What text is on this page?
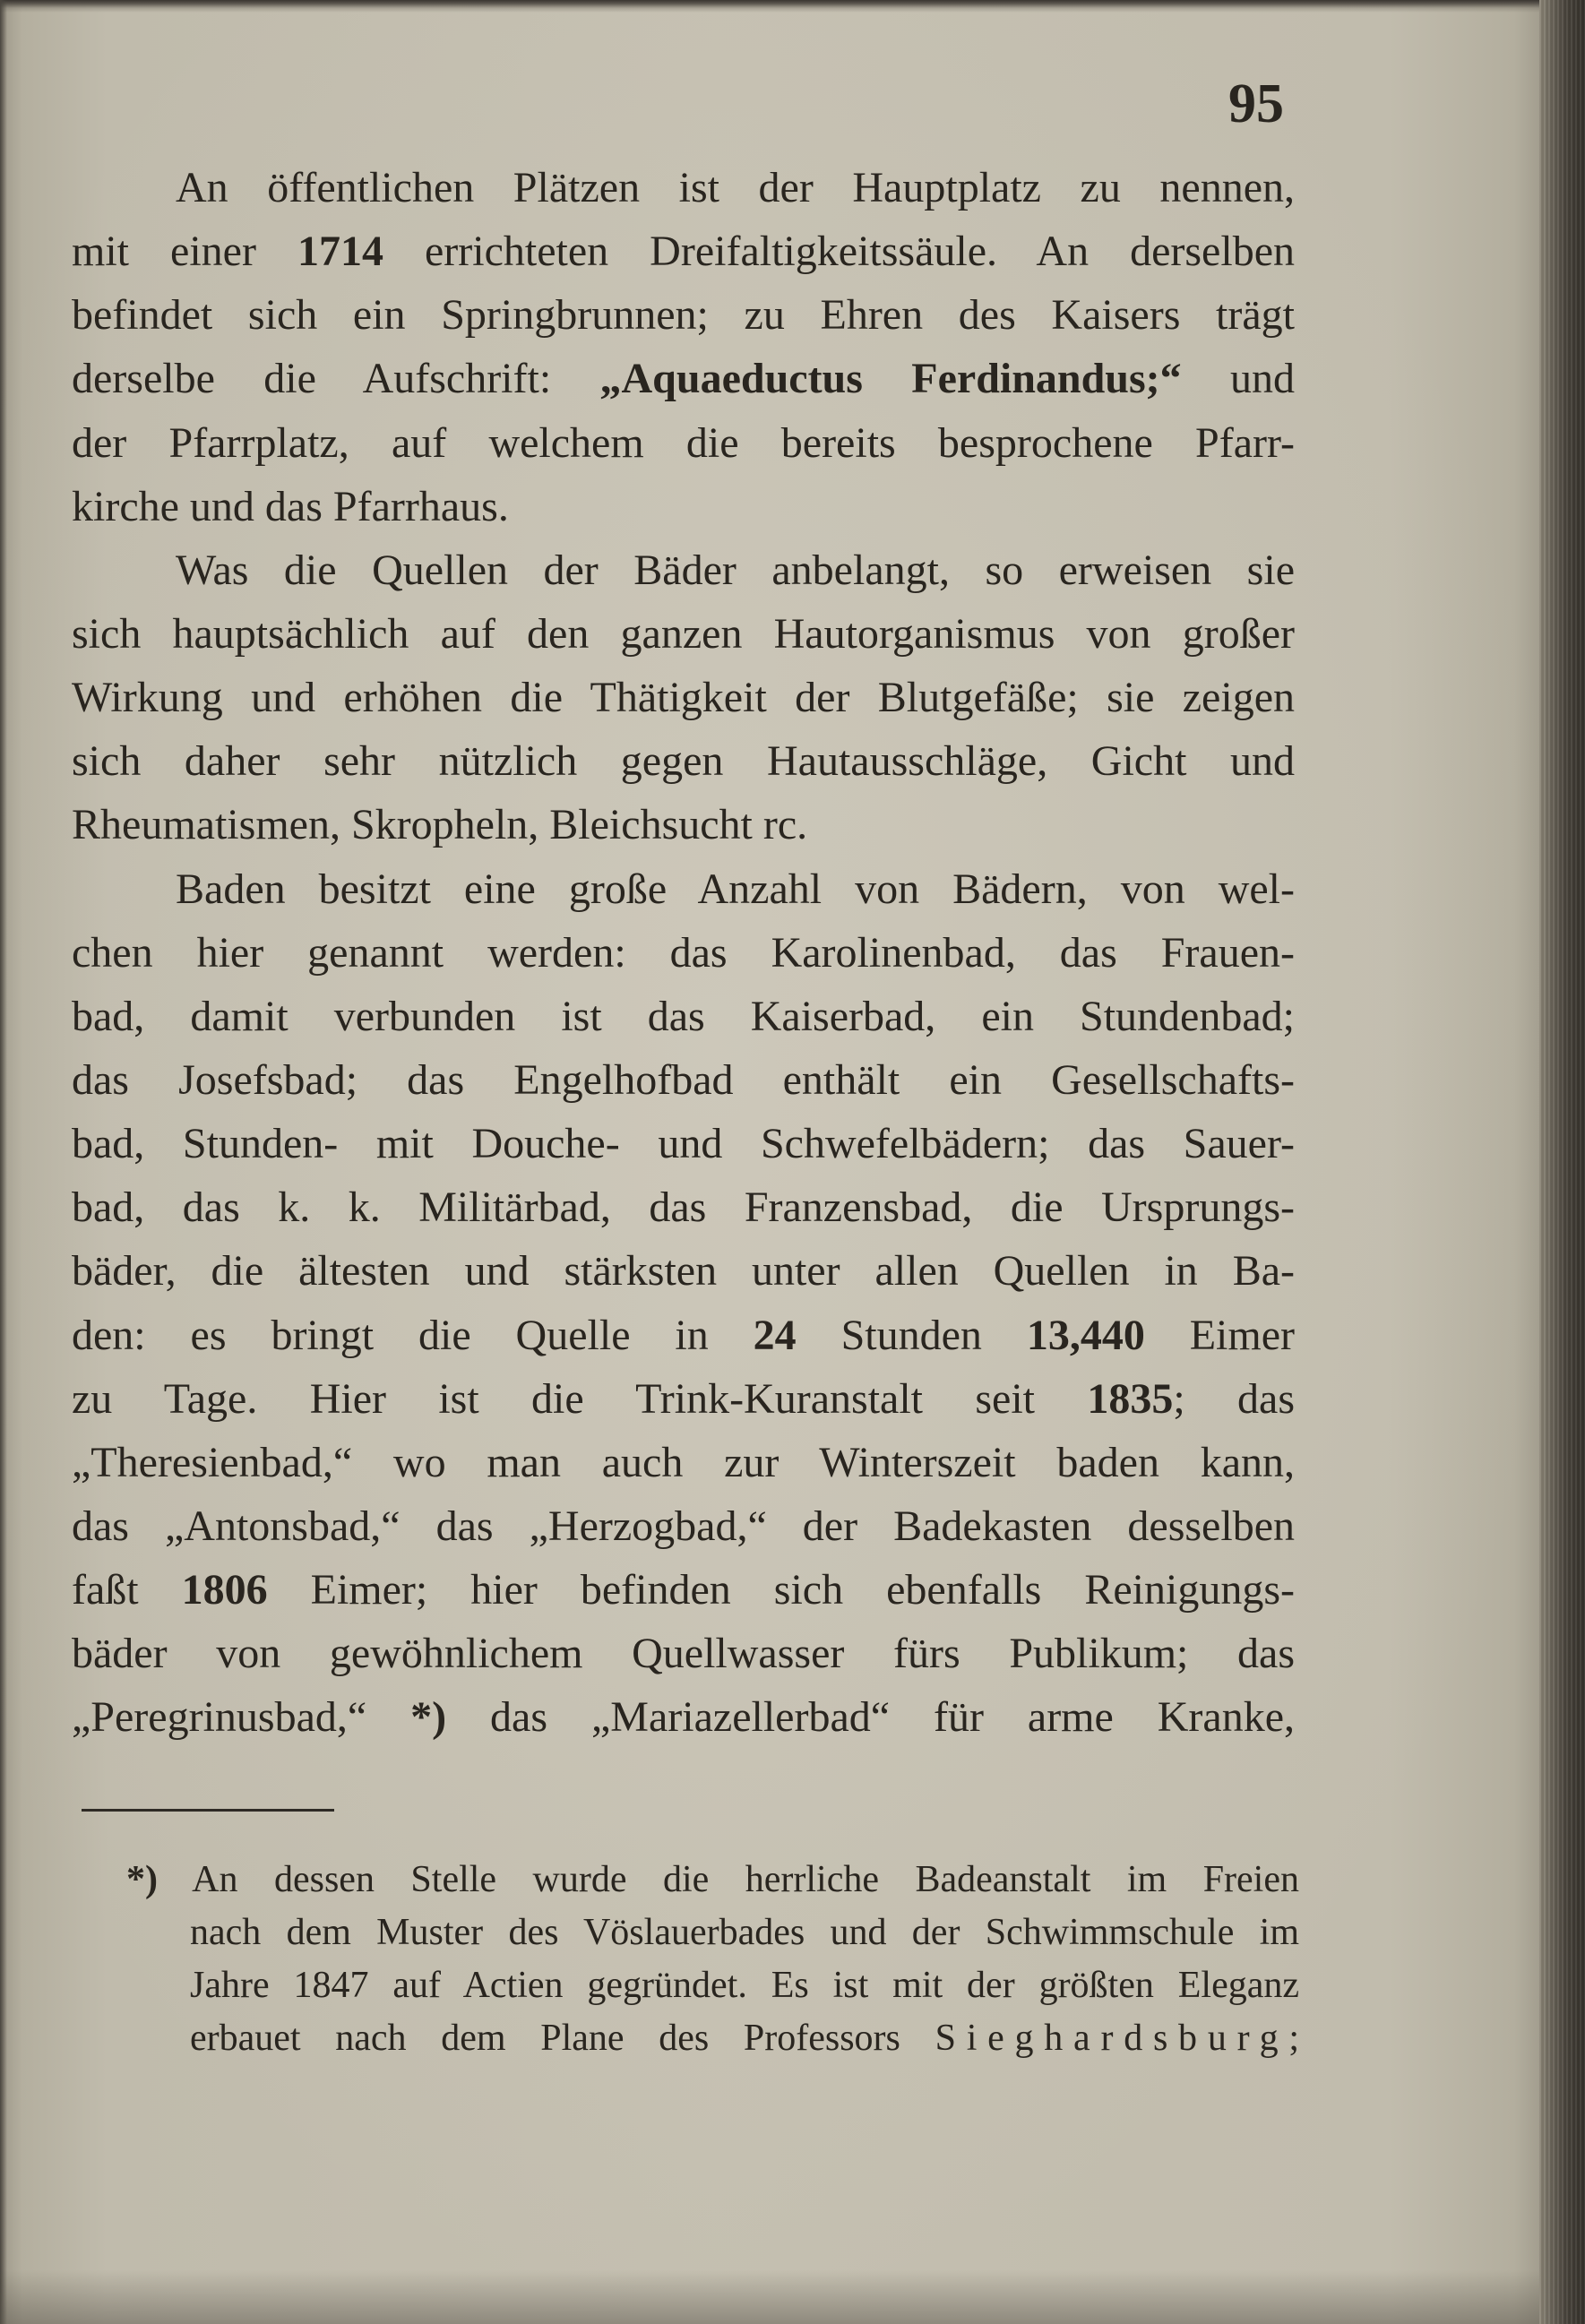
95
An öffentlichen Plätzen ist der Hauptplatz zu nennen,
mit einer 1714 errichteten Dreifaltigkeitssäule. An derselben
befindet sich ein Springbrunnen; zu Ehren des Kaisers trägt
derselbe die Aufschrift: „Aquaeductus Ferdinandus;“ und
der Pfarrplatz, auf welchem die bereits besprochene Pfarr-
kirche und das Pfarrhaus.
Was die Quellen der Bäder anbelangt, so erweisen sie
sich hauptsächlich auf den ganzen Hautorganismus von großer
Wirkung und erhöhen die Thätigkeit der Blutgefäße; sie zeigen
sich daher sehr nützlich gegen Hautausschläge, Gicht und
Rheumatismen, Skropheln, Bleichsucht rc.
Baden besitzt eine große Anzahl von Bädern, von wel-
chen hier genannt werden: das Karolinenbad, das Frauen-
bad, damit verbunden ist das Kaiserbad, ein Stundenbad;
das Josefsbad; das Engelhofbad enthält ein Gesellschafts-
bad, Stunden- mit Douche- und Schwefelbädern; das Sauer-
bad, das k. k. Militärbad, das Franzensbad, die Ursprungs-
bäder, die ältesten und stärksten unter allen Quellen in Ba-
den: es bringt die Quelle in 24 Stunden 13,440 Eimer
zu Tage. Hier ist die Trink-Kuranstalt seit 1835; das
„Theresienbad,“ wo man auch zur Winterszeit baden kann,
das „Antonsbad,“ das „Herzogbad,“ der Badekasten desselben
faßt 1806 Eimer; hier befinden sich ebenfalls Reinigungs-
bäder von gewöhnlichem Quellwasser fürs Publikum; das
„Peregrinusbad,“ *) das „Mariazellerbad“ für arme Kranke,
*) An dessen Stelle wurde die herrliche Badeanstalt im Freien
nach dem Muster des Vöslauerbades und der Schwimmschule im
Jahre 1847 auf Actien gegründet. Es ist mit der größten Eleganz
erbauet nach dem Plane des Professors Sieghardsburg;
